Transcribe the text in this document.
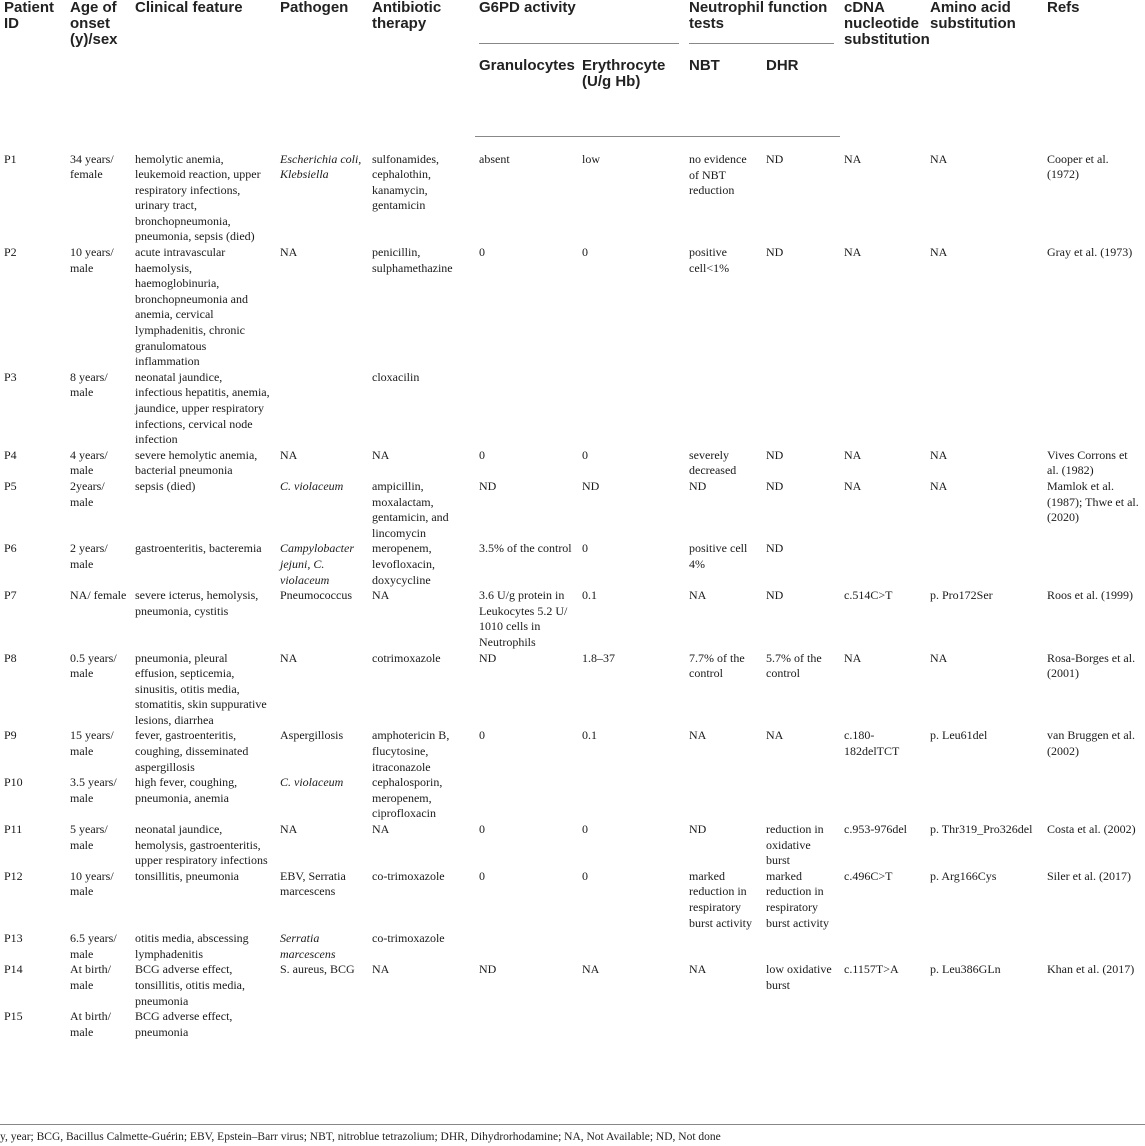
Patient ID	Age of onset (y)/sex	Clinical feature	Pathogen	Antibiotic therapy	G6PD activity		Neutrophil function tests		cDNA nucleotide substitution	Amino acid substitution	Refs
					Granulocytes	Erythrocyte (U/g Hb)	NBT	DHR			
P1	34 years/ female	hemolytic anemia, leukemoid reaction, upper respiratory infections, urinary tract, bronchopneumonia, pneumonia, sepsis (died)	Escherichia coli, Klebsiella	sulfonamides, cephalothin, kanamycin, gentamicin	absent	low	no evidence of NBT reduction	ND	NA	NA	Cooper et al. (1972)
P2	10 years/ male	acute intravascular haemolysis, haemoglobinuria, bronchopneumonia and anemia, cervical lymphadenitis, chronic granulomatous inflammation	NA	penicillin, sulphamethazine	0	0	positive cell<1%	ND	NA	NA	Gray et al. (1973)
P3	8 years/ male	neonatal jaundice, infectious hepatitis, anemia, jaundice, upper respiratory infections, cervical node infection		cloxacilin							
P4	4 years/ male	severe hemolytic anemia, bacterial pneumonia	NA	NA	0	0	severely decreased	ND	NA	NA	Vives Corrons et al. (1982)
P5	2years/ male	sepsis (died)	C. violaceum	ampicillin, moxalactam, gentamicin, and lincomycin	ND	ND	ND	ND	NA	NA	Mamlok et al. (1987); Thwe et al. (2020)
P6	2 years/ male	gastroenteritis, bacteremia	Campylobacter jejuni, C. violaceum	meropenem, levofloxacin, doxycycline	3.5% of the control	0	positive cell 4%	ND			
P7	NA/ female	severe icterus, hemolysis, pneumonia, cystitis	Pneumococcus	NA	3.6 U/g protein in Leukocytes 5.2 U/ 1010 cells in Neutrophils	0.1	NA	ND	c.514C>T	p. Pro172Ser	Roos et al. (1999)
P8	0.5 years/ male	pneumonia, pleural effusion, septicemia, sinusitis, otitis media, stomatitis, skin suppurative lesions, diarrhea	NA	cotrimoxazole	ND	1.8–37	7.7% of the control	5.7% of the control	NA	NA	Rosa-Borges et al. (2001)
P9	15 years/ male	fever, gastroenteritis, coughing, disseminated aspergillosis	Aspergillosis	amphotericin B, flucytosine, itraconazole	0	0.1	NA	NA	c.180-182delTCT	p. Leu61del	van Bruggen et al. (2002)
P10	3.5 years/ male	high fever, coughing, pneumonia, anemia	C. violaceum	cephalosporin, meropenem, ciprofloxacin							
P11	5 years/ male	neonatal jaundice, hemolysis, gastroenteritis, upper respiratory infections	NA	NA	0	0	ND	reduction in oxidative burst	c.953-976del	p. Thr319_Pro326del	Costa et al. (2002)
P12	10 years/ male	tonsillitis, pneumonia	EBV, Serratia marcescens	co-trimoxazole	0	0	marked reduction in respiratory burst activity	marked reduction in respiratory burst activity	c.496C>T	p. Arg166Cys	Siler et al. (2017)
P13	6.5 years/ male	otitis media, abscessing lymphadenitis	Serratia marcescens	co-trimoxazole							
P14	At birth/ male	BCG adverse effect, tonsillitis, otitis media, pneumonia	S. aureus, BCG	NA	ND	NA	NA	low oxidative burst	c.1157T>A	p. Leu386GLn	Khan et al. (2017)
P15	At birth/ male	BCG adverse effect, pneumonia									
y, year; BCG, Bacillus Calmette-Guérin; EBV, Epstein–Barr virus; NBT, nitroblue tetrazolium; DHR, Dihydrorhodamine; NA, Not Available; ND, Not done
